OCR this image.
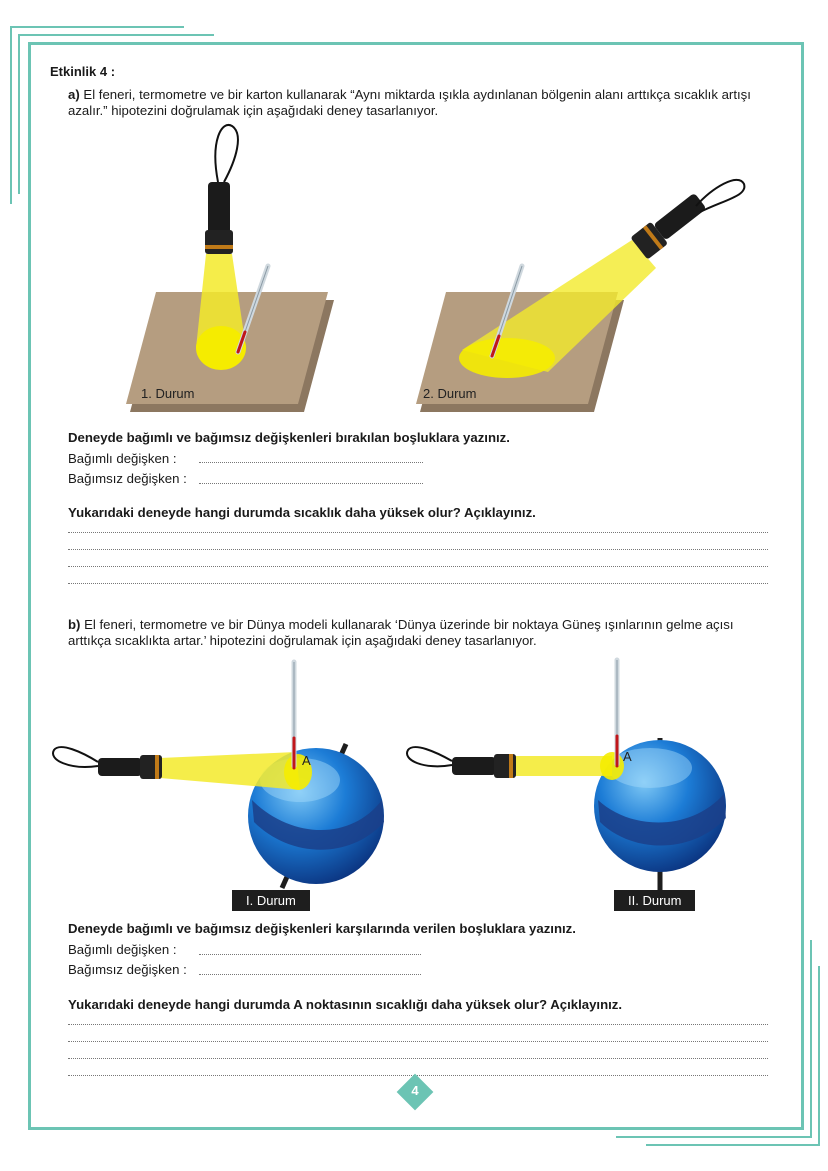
Etkinlik 4 :
a) El feneri, termometre ve bir karton kullanarak “Aynı miktarda ışıkla aydınlanan bölgenin alanı arttıkça sıcaklık artışı azalır.” hipotezini doğrulamak için aşağıdaki deney tasarlanıyor.
1. Durum	2. Durum
Deneyde bağımlı ve bağımsız değişkenleri bırakılan boşluklara yazınız.
Bağımlı değişken :
Bağımsız değişken :
Yukarıdaki deneyde hangi durumda sıcaklık daha yüksek olur? Açıklayınız.
b) El feneri, termometre ve bir Dünya modeli kullanarak ‘Dünya üzerinde bir noktaya Güneş ışınlarının gelme açısı arttıkça sıcaklıkta artar.’ hipotezini doğrulamak için aşağıdaki deney tasarlanıyor.
A	A
I. Durum	II. Durum
Deneyde bağımlı ve bağımsız değişkenleri karşılarında verilen boşluklara yazınız.
Bağımlı değişken :
Bağımsız değişken :
Yukarıdaki deneyde hangi durumda A noktasının sıcaklığı daha yüksek olur? Açıklayınız.
4
